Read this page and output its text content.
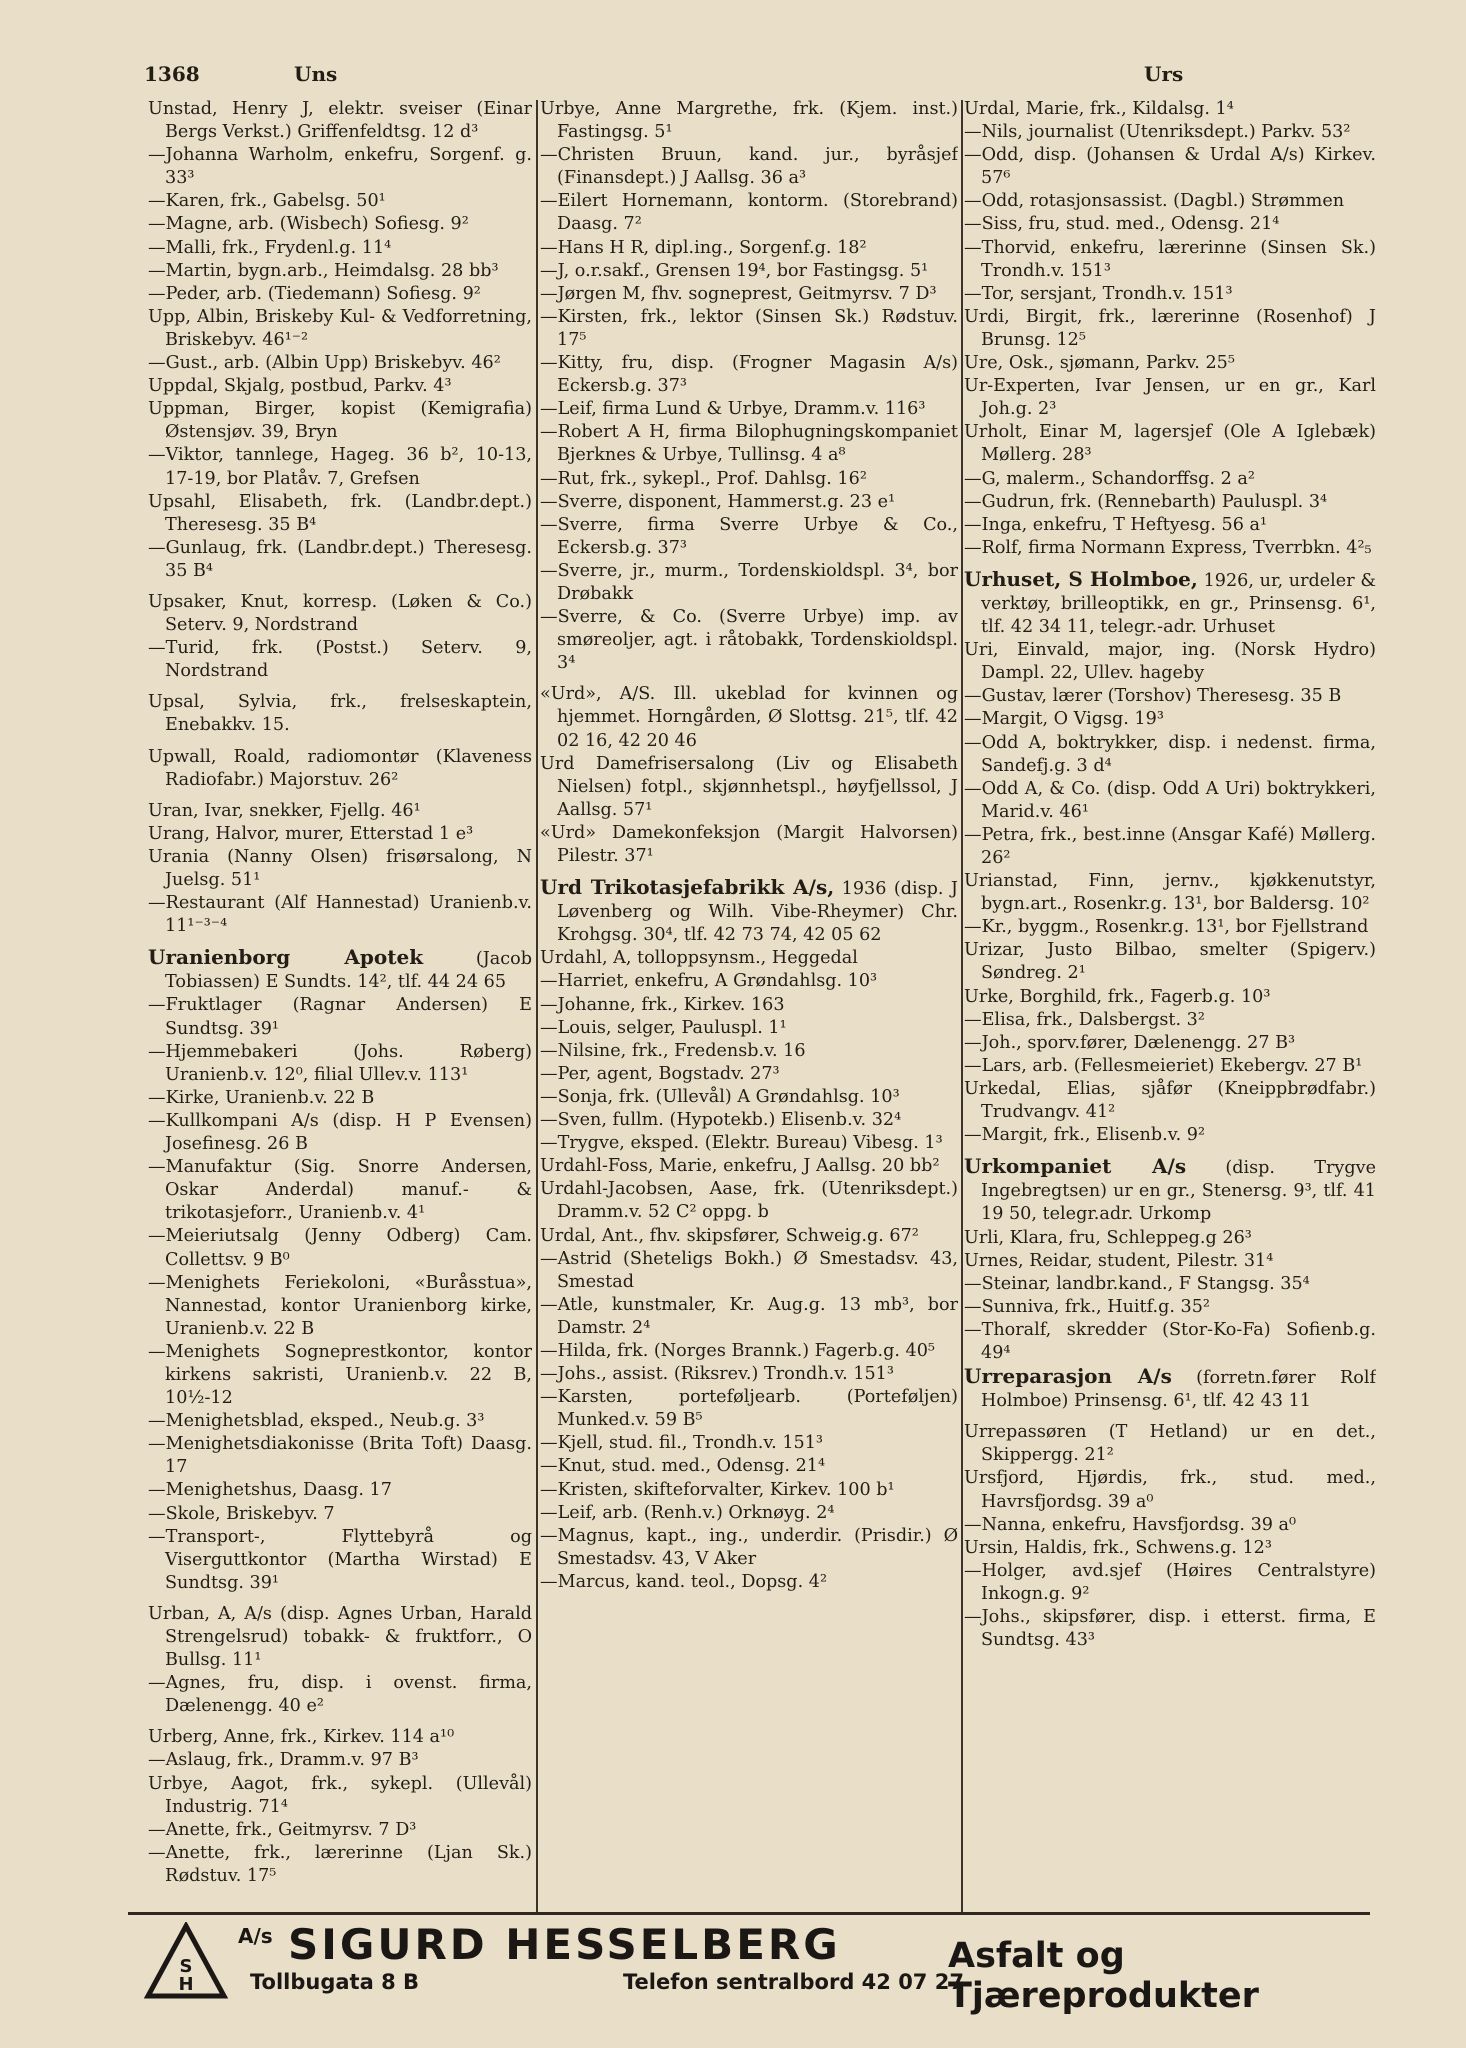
1368	Uns	Urs
Unstad, Henry J, elektr. sveiser (Einar Bergs Verkst.) Griffenfeldtsg. 12 d³
—Johanna Warholm, enkefru, Sorgenf. g. 33³
—Karen, frk., Gabelsg. 50¹
—Magne, arb. (Wisbech) Sofiesg. 9²
—Malli, frk., Frydenl.g. 11⁴
—Martin, bygn.arb., Heimdalsg. 28 bb³
—Peder, arb. (Tiedemann) Sofiesg. 9²
Upp, Albin, Briskeby Kul- & Vedforretning, Briskebyv. 46¹⁻²
—Gust., arb. (Albin Upp) Briskebyv. 46²
Uppdal, Skjalg, postbud, Parkv. 4³
Uppman, Birger, kopist (Kemigrafia) Østensjøv. 39, Bryn
—Viktor, tannlege, Hageg. 36 b², 10-13, 17-19, bor Platåv. 7, Grefsen
Upsahl, Elisabeth, frk. (Landbr.dept.) Theresesg. 35 B⁴
—Gunlaug, frk. (Landbr.dept.) Theresesg. 35 B⁴
Upsaker, Knut, korresp. (Løken & Co.) Seterv. 9, Nordstrand
—Turid, frk. (Postst.) Seterv. 9, Nordstrand
Upsal, Sylvia, frk., frelseskaptein, Enebakkv. 15.
Upwall, Roald, radiomontør (Klaveness Radiofabr.) Majorstuv. 26²
Uran, Ivar, snekker, Fjellg. 46¹
Urang, Halvor, murer, Etterstad 1 e³
Urania (Nanny Olsen) frisørsalong, N Juelsg. 51¹
—Restaurant (Alf Hannestad) Uranienb.v. 11¹⁻³⁻⁴
Uranienborg Apotek (Jacob Tobiassen) E Sundts. 14², tlf. 44 24 65
—Fruktlager (Ragnar Andersen) E Sundtsg. 39¹
—Hjemmebakeri (Johs. Røberg) Uranienb.v. 12⁰, filial Ullev.v. 113¹
—Kirke, Uranienb.v. 22 B
—Kullkompani A/s (disp. H P Evensen) Josefinesg. 26 B
—Manufaktur (Sig. Snorre Andersen, Oskar Anderdal) manuf.- & trikotasjeforr., Uranienb.v. 4¹
—Meieriutsalg (Jenny Odberg) Cam. Collettsv. 9 B⁰
—Menighets Feriekoloni, «Buråsstua», Nannestad, kontor Uranienborg kirke, Uranienb.v. 22 B
—Menighets Sogneprestkontor, kontor kirkens sakristi, Uranienb.v. 22 B, 10½-12
—Menighetsblad, eksped., Neub.g. 3³
—Menighetsdiakonisse (Brita Toft) Daasg. 17
—Menighetshus, Daasg. 17
—Skole, Briskebyv. 7
—Transport-, Flyttebyrå og Viserguttkontor (Martha Wirstad) E Sundtsg. 39¹
Urban, A, A/s (disp. Agnes Urban, Harald Strengelsrud) tobakk- & fruktforr., O Bullsg. 11¹
—Agnes, fru, disp. i ovenst. firma, Dælenengg. 40 e²
Urberg, Anne, frk., Kirkev. 114 a¹⁰
—Aslaug, frk., Dramm.v. 97 B³
Urbye, Aagot, frk., sykepl. (Ullevål) Industrig. 71⁴
—Anette, frk., Geitmyrsv. 7 D³
—Anette, frk., lærerinne (Ljan Sk.) Rødstuv. 17⁵
Urbye, Anne Margrethe, frk. (Kjem. inst.) Fastingsg. 5¹
—Christen Bruun, kand. jur., byråsjef (Finansdept.) J Aallsg. 36 a³
—Eilert Hornemann, kontorm. (Storebrand) Daasg. 7²
—Hans H R, dipl.ing., Sorgenf.g. 18²
—J, o.r.sakf., Grensen 19⁴, bor Fastingsg. 5¹
—Jørgen M, fhv. sogneprest, Geitmyrsv. 7 D³
—Kirsten, frk., lektor (Sinsen Sk.) Rødstuv. 17⁵
—Kitty, fru, disp. (Frogner Magasin A/s) Eckersb.g. 37³
—Leif, firma Lund & Urbye, Dramm.v. 116³
—Robert A H, firma Bilophugningskompaniet Bjerknes & Urbye, Tullinsg. 4 a⁸
—Rut, frk., sykepl., Prof. Dahlsg. 16²
—Sverre, disponent, Hammerst.g. 23 e¹
—Sverre, firma Sverre Urbye & Co., Eckersb.g. 37³
—Sverre, jr., murm., Tordenskioldspl. 3⁴, bor Drøbakk
—Sverre, & Co. (Sverre Urbye) imp. av smøreoljer, agt. i råtobakk, Tordenskioldspl. 3⁴
«Urd», A/S. Ill. ukeblad for kvinnen og hjemmet. Horngården, Ø Slottsg. 21⁵, tlf. 42 02 16, 42 20 46
Urd Damefrisersalong (Liv og Elisabeth Nielsen) fotpl., skjønnhetspl., høyfjellssol, J Aallsg. 57¹
«Urd» Damekonfeksjon (Margit Halvorsen) Pilestr. 37¹
Urd Trikotasjefabrikk A/s, 1936 (disp. J Løvenberg og Wilh. Vibe-Rheymer) Chr. Krohgsg. 30⁴, tlf. 42 73 74, 42 05 62
Urdahl, A, tolloppsynsm., Heggedal
—Harriet, enkefru, A Grøndahlsg. 10³
—Johanne, frk., Kirkev. 163
—Louis, selger, Pauluspl. 1¹
—Nilsine, frk., Fredensb.v. 16
—Per, agent, Bogstadv. 27³
—Sonja, frk. (Ullevål) A Grøndahlsg. 10³
—Sven, fullm. (Hypotekb.) Elisenb.v. 32⁴
—Trygve, eksped. (Elektr. Bureau) Vibesg. 1³
Urdahl-Foss, Marie, enkefru, J Aallsg. 20 bb²
Urdahl-Jacobsen, Aase, frk. (Utenriksdept.) Dramm.v. 52 C² oppg. b
Urdal, Ant., fhv. skipsfører, Schweig.g. 67²
—Astrid (Sheteligs Bokh.) Ø Smestadsv. 43, Smestad
—Atle, kunstmaler, Kr. Aug.g. 13 mb³, bor Damstr. 2⁴
—Hilda, frk. (Norges Brannk.) Fagerb.g. 40⁵
—Johs., assist. (Riksrev.) Trondh.v. 151³
—Karsten, porteføljearb. (Porteføljen) Munked.v. 59 B⁵
—Kjell, stud. fil., Trondh.v. 151³
—Knut, stud. med., Odensg. 21⁴
—Kristen, skifteforvalter, Kirkev. 100 b¹
—Leif, arb. (Renh.v.) Orknøyg. 2⁴
—Magnus, kapt., ing., underdir. (Prisdir.) Ø Smestadsv. 43, V Aker
—Marcus, kand. teol., Dopsg. 4²
Urdal, Marie, frk., Kildalsg. 1⁴
—Nils, journalist (Utenriksdept.) Parkv. 53²
—Odd, disp. (Johansen & Urdal A/s) Kirkev. 57⁶
—Odd, rotasjonsassist. (Dagbl.) Strømmen
—Siss, fru, stud. med., Odensg. 21⁴
—Thorvid, enkefru, lærerinne (Sinsen Sk.) Trondh.v. 151³
—Tor, sersjant, Trondh.v. 151³
Urdi, Birgit, frk., lærerinne (Rosenhof) J Brunsg. 12⁵
Ure, Osk., sjømann, Parkv. 25⁵
Ur-Experten, Ivar Jensen, ur en gr., Karl Joh.g. 2³
Urholt, Einar M, lagersjef (Ole A Iglebæk) Møllerg. 28³
—G, malerm., Schandorffsg. 2 a²
—Gudrun, frk. (Rennebarth) Pauluspl. 3⁴
—Inga, enkefru, T Heftyesg. 56 a¹
—Rolf, firma Normann Express, Tverrbkn. 4²₅
Urhuset, S Holmboe, 1926, ur, urdeler & verktøy, brilleoptikk, en gr., Prinsensg. 6¹, tlf. 42 34 11, telegr.-adr. Urhuset
Uri, Einvald, major, ing. (Norsk Hydro) Dampl. 22, Ullev. hageby
—Gustav, lærer (Torshov) Theresesg. 35 B
—Margit, O Vigsg. 19³
—Odd A, boktrykker, disp. i nedenst. firma, Sandefj.g. 3 d⁴
—Odd A, & Co. (disp. Odd A Uri) boktrykkeri, Marid.v. 46¹
—Petra, frk., best.inne (Ansgar Kafé) Møllerg. 26²
Urianstad, Finn, jernv., kjøkkenutstyr, bygn.art., Rosenkr.g. 13¹, bor Baldersg. 10²
—Kr., byggm., Rosenkr.g. 13¹, bor Fjellstrand
Urizar, Justo Bilbao, smelter (Spigerv.) Søndreg. 2¹
Urke, Borghild, frk., Fagerb.g. 10³
—Elisa, frk., Dalsbergst. 3²
—Joh., sporv.fører, Dælenengg. 27 B³
—Lars, arb. (Fellesmeieriet) Ekebergv. 27 B¹
Urkedal, Elias, sjåfør (Kneippbrødfabr.) Trudvangv. 41²
—Margit, frk., Elisenb.v. 9²
Urkompaniet A/s (disp. Trygve Ingebregtsen) ur en gr., Stenersg. 9³, tlf. 41 19 50, telegr.adr. Urkomp
Urli, Klara, fru, Schleppeg.g 26³
Urnes, Reidar, student, Pilestr. 31⁴
—Steinar, landbr.kand., F Stangsg. 35⁴
—Sunniva, frk., Huitf.g. 35²
—Thoralf, skredder (Stor-Ko-Fa) Sofienb.g. 49⁴
Urreparasjon A/s (forretn.fører Rolf Holmboe) Prinsensg. 6¹, tlf. 42 43 11
Urrepassøren (T Hetland) ur en det., Skippergg. 21²
Ursfjord, Hjørdis, frk., stud. med., Havrsfjordsg. 39 a⁰
—Nanna, enkefru, Havsfjordsg. 39 a⁰
Ursin, Haldis, frk., Schwens.g. 12³
—Holger, avd.sjef (Høires Centralstyre) Inkogn.g. 9²
—Johs., skipsfører, disp. i etterst. firma, E Sundtsg. 43³
S
H
A/s SIGURD HESSELBERG
Tollbugata 8 B	Telefon sentralbord 42 07 27
Asfalt og Tjæreprodukter
